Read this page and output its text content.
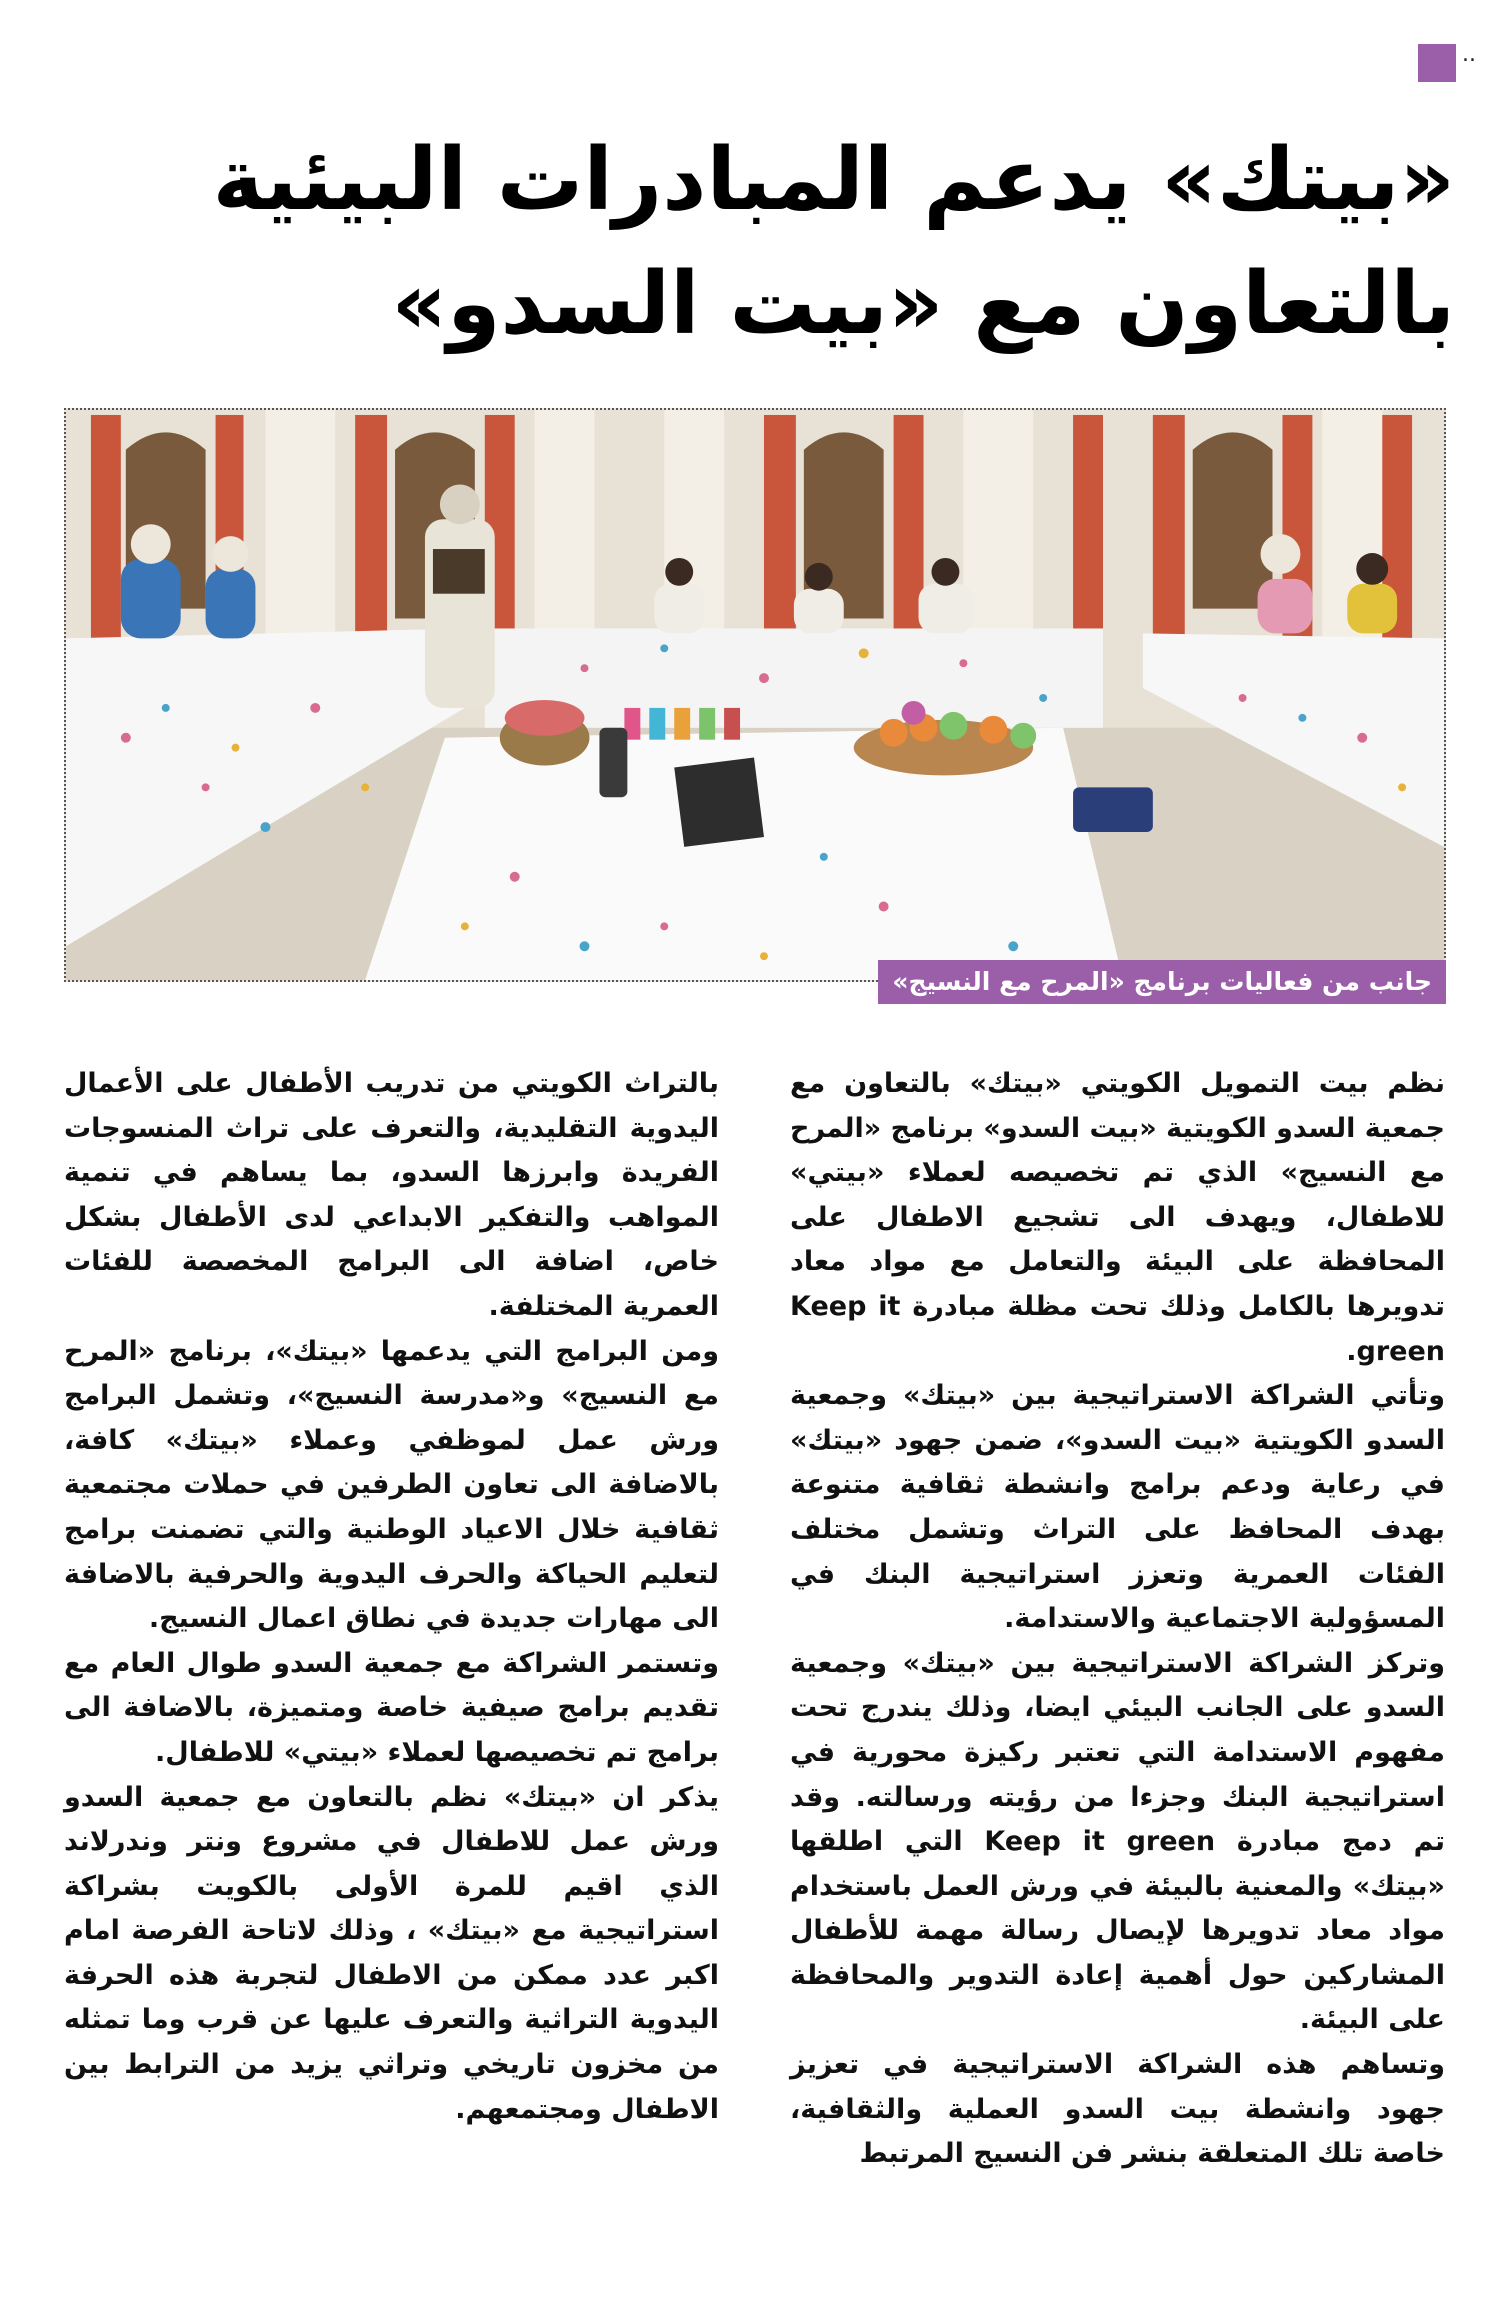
..
«بيتك» يدعم المبادرات البيئية بالتعاون مع «بيت السدو»
جانب من فعاليات برنامج «المرح مع النسيج»

نظم بيت التمويل الكويتي «بيتك» بالتعاون مع جمعية السدو الكويتية «بيت السدو» برنامج «المرح مع النسيج» الذي تم تخصيصه لعملاء «بيتي» للاطفال، ويهدف الى تشجيع الاطفال على المحافظة على البيئة والتعامل مع مواد معاد تدويرها بالكامل وذلك تحت مظلة مبادرة Keep it green.

وتأتي الشراكة الاستراتيجية بين «بيتك» وجمعية السدو الكويتية «بيت السدو»، ضمن جهود «بيتك» في رعاية ودعم برامج وانشطة ثقافية متنوعة بهدف المحافظ على التراث وتشمل مختلف الفئات العمرية وتعزز استراتيجية البنك في المسؤولية الاجتماعية والاستدامة.

وتركز الشراكة الاستراتيجية بين «بيتك» وجمعية السدو على الجانب البيئي ايضا، وذلك يندرج تحت مفهوم الاستدامة التي تعتبر ركيزة محورية في استراتيجية البنك وجزءا من رؤيته ورسالته. وقد تم دمج مبادرة Keep it green التي اطلقها «بيتك» والمعنية بالبيئة في ورش العمل باستخدام مواد معاد تدويرها لإيصال رسالة مهمة للأطفال المشاركين حول أهمية إعادة التدوير والمحافظة على البيئة.

وتساهم هذه الشراكة الاستراتيجية في تعزيز جهود وانشطة بيت السدو العملية والثقافية، خاصة تلك المتعلقة بنشر فن النسيج المرتبط

بالتراث الكويتي من تدريب الأطفال على الأعمال اليدوية التقليدية، والتعرف على تراث المنسوجات الفريدة وابرزها السدو، بما يساهم في تنمية المواهب والتفكير الابداعي لدى الأطفال بشكل خاص، اضافة الى البرامج المخصصة للفئات العمرية المختلفة.

ومن البرامج التي يدعمها «بيتك»، برنامج «المرح مع النسيج» و«مدرسة النسيج»، وتشمل البرامج ورش عمل لموظفي وعملاء «بيتك» كافة، بالاضافة الى تعاون الطرفين في حملات مجتمعية ثقافية خلال الاعياد الوطنية والتي تضمنت برامج لتعليم الحياكة والحرف اليدوية والحرفية بالاضافة الى مهارات جديدة في نطاق اعمال النسيج.

وتستمر الشراكة مع جمعية السدو طوال العام مع تقديم برامج صيفية خاصة ومتميزة، بالاضافة الى برامج تم تخصيصها لعملاء «بيتي» للاطفال.

يذكر ان «بيتك» نظم بالتعاون مع جمعية السدو ورش عمل للاطفال في مشروع ونتر وندرلاند الذي اقيم للمرة الأولى بالكويت بشراكة استراتيجية مع «بيتك» ، وذلك لاتاحة الفرصة امام اكبر عدد ممكن من الاطفال لتجربة هذه الحرفة اليدوية التراثية والتعرف عليها عن قرب وما تمثله من مخزون تاريخي وتراثي يزيد من الترابط بين الاطفال ومجتمعهم.
